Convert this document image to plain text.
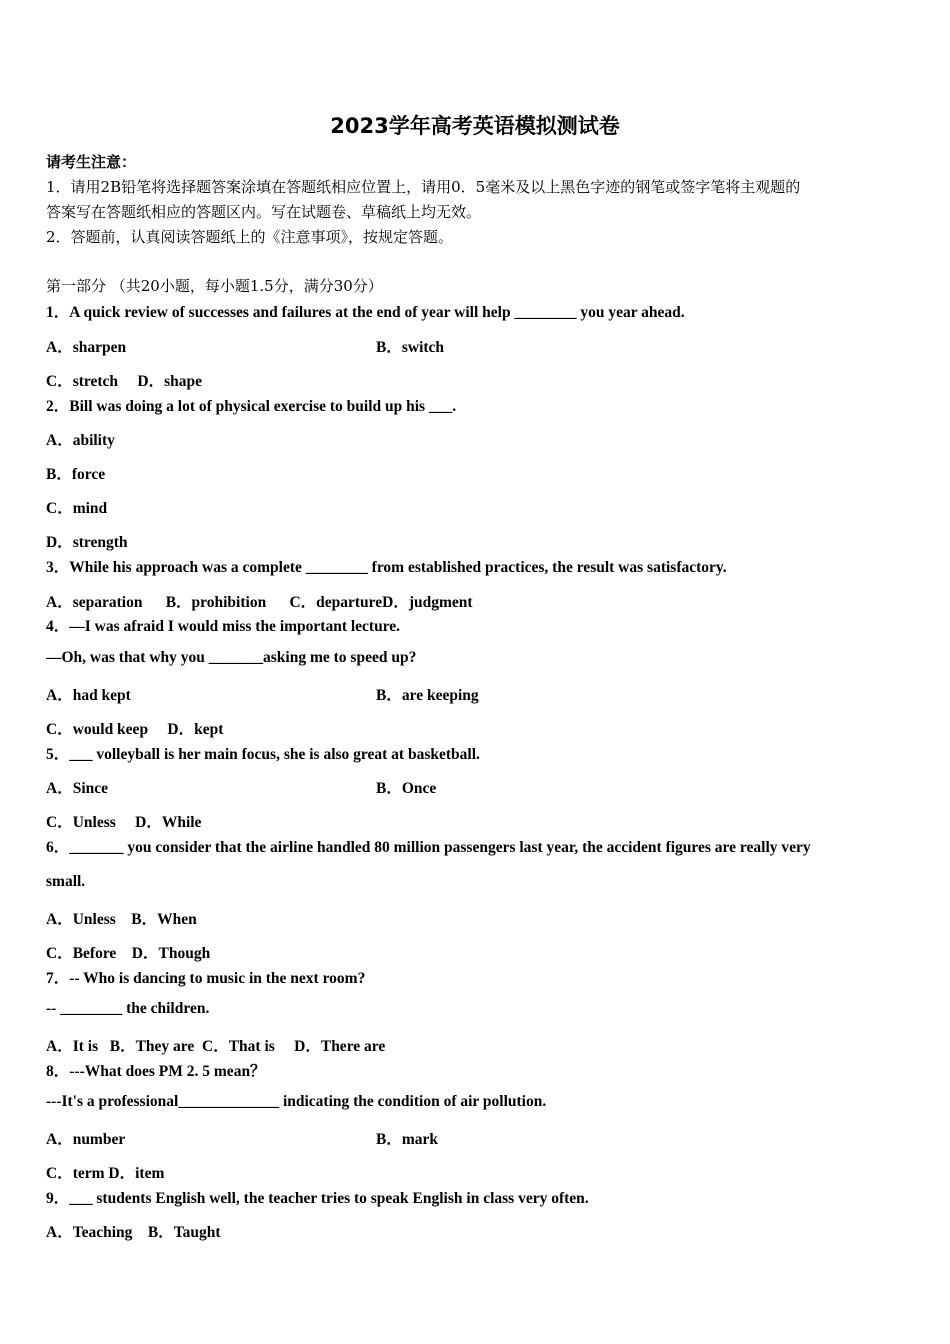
2023学年高考英语模拟测试卷
请考生注意：
1．请用2B铅笔将选择题答案涂填在答题纸相应位置上，请用0．5毫米及以上黑色字迹的钢笔或签字笔将主观题的
答案写在答题纸相应的答题区内。写在试题卷、草稿纸上均无效。
2．答题前，认真阅读答题纸上的《注意事项》，按规定答题。
第一部分 （共20小题，每小题1.5分，满分30分）
1．A quick review of successes and failures at the end of year will help ________ you year ahead.
A．sharpen	B．switch
C．stretch     D．shape
2．Bill was doing a lot of physical exercise to build up his ___.
A．ability
B．force
C．mind
D．strength
3．While his approach was a complete ________ from established practices, the result was satisfactory.
A．separation      B．prohibition      C．departureD．judgment
4．—I was afraid I would miss the important lecture.
—Oh, was that why you _______asking me to speed up?
A．had kept	B．are keeping
C．would keep     D．kept
5．___ volleyball is her main focus, she is also great at basketball.
A．Since	B．Once
C．Unless     D．While
6．_______ you consider that the airline handled 80 million passengers last year, the accident figures are really very
small.
A．Unless    B．When
C．Before    D．Though
7．-- Who is dancing to music in the next room?
-- ________ the children.
A．It is   B．They are  C．That is     D．There are
8．---What does PM 2. 5 mean？
---It's a professional_____________ indicating the condition of air pollution.
A．number	B．mark
C．term D．item
9．___ students English well, the teacher tries to speak English in class very often.
A．Teaching    B．Taught
